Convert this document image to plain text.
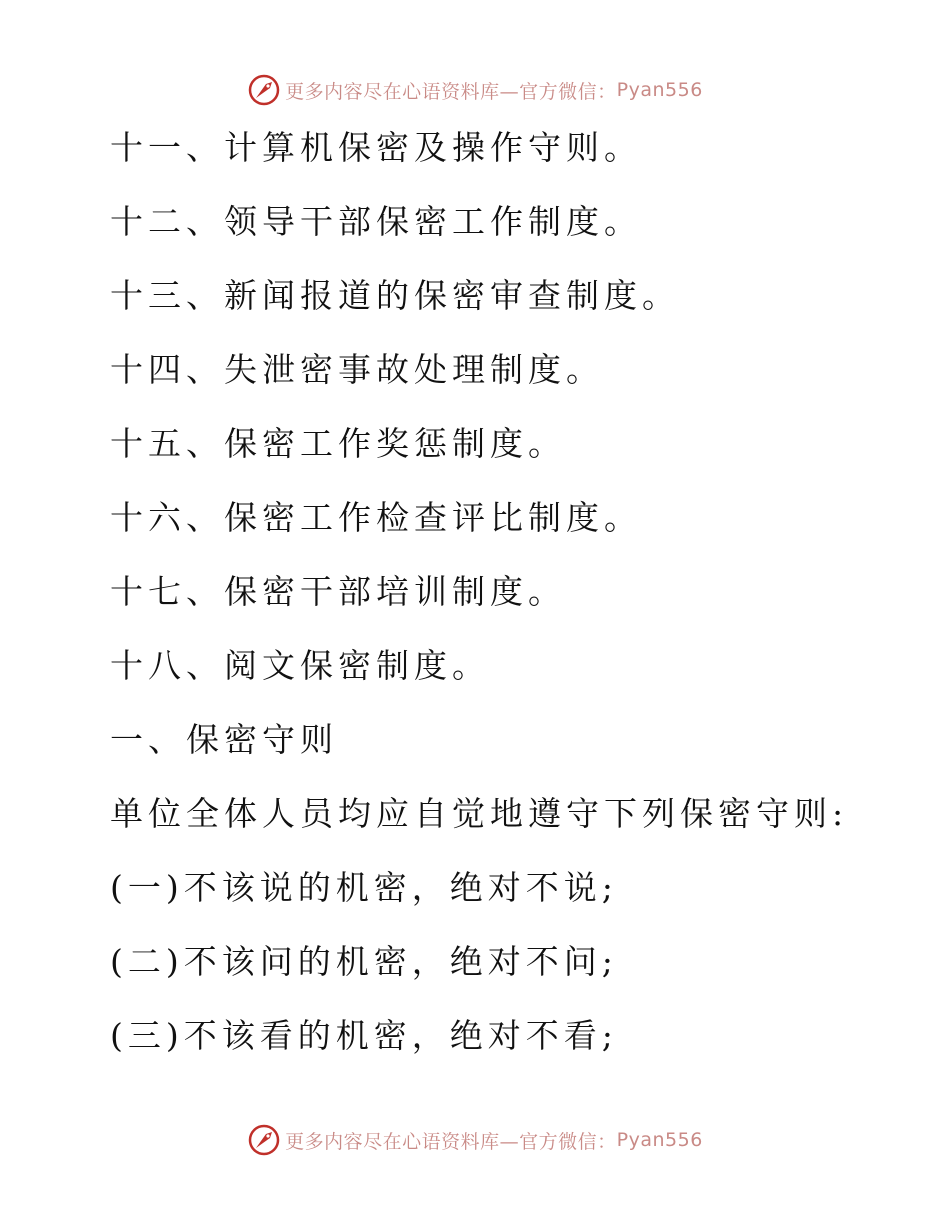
更多内容尽在心语资料库—官方微信： Pyan556
十一、计算机保密及操作守则。
十二、领导干部保密工作制度。
十三、新闻报道的保密审查制度。
十四、失泄密事故处理制度。
十五、保密工作奖惩制度。
十六、保密工作检查评比制度。
十七、保密干部培训制度。
十八、阅文保密制度。
一、保密守则
单位全体人员均应自觉地遵守下列保密守则:
(一)不该说的机密，绝对不说;
(二)不该问的机密，绝对不问;
(三)不该看的机密，绝对不看;
更多内容尽在心语资料库—官方微信： Pyan556
